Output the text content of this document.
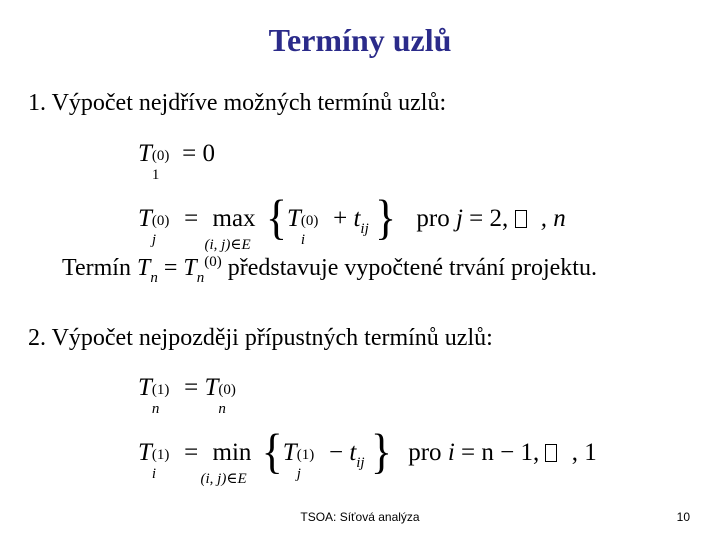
Termíny uzlů
1. Výpočet nejdříve možných termínů uzlů:
T (0)
1
= 0
T (0)
j
= max
(i, j)∈E
{T (0)
i
+ $t_{ij}$ } pro j = 2, , n
Termín $T_n = T_n^{(0)}$ představuje vypočtené trvání projektu.
2. Výpočet nejpozději přípustných termínů uzlů:
T (1)
n
= T (0)
n
T (1)
i
= min
(i, j)∈E
{T (1)
j
− $t_{ij}$ } pro i = n − 1, , 1
TSOA: Síťová analýza	10
